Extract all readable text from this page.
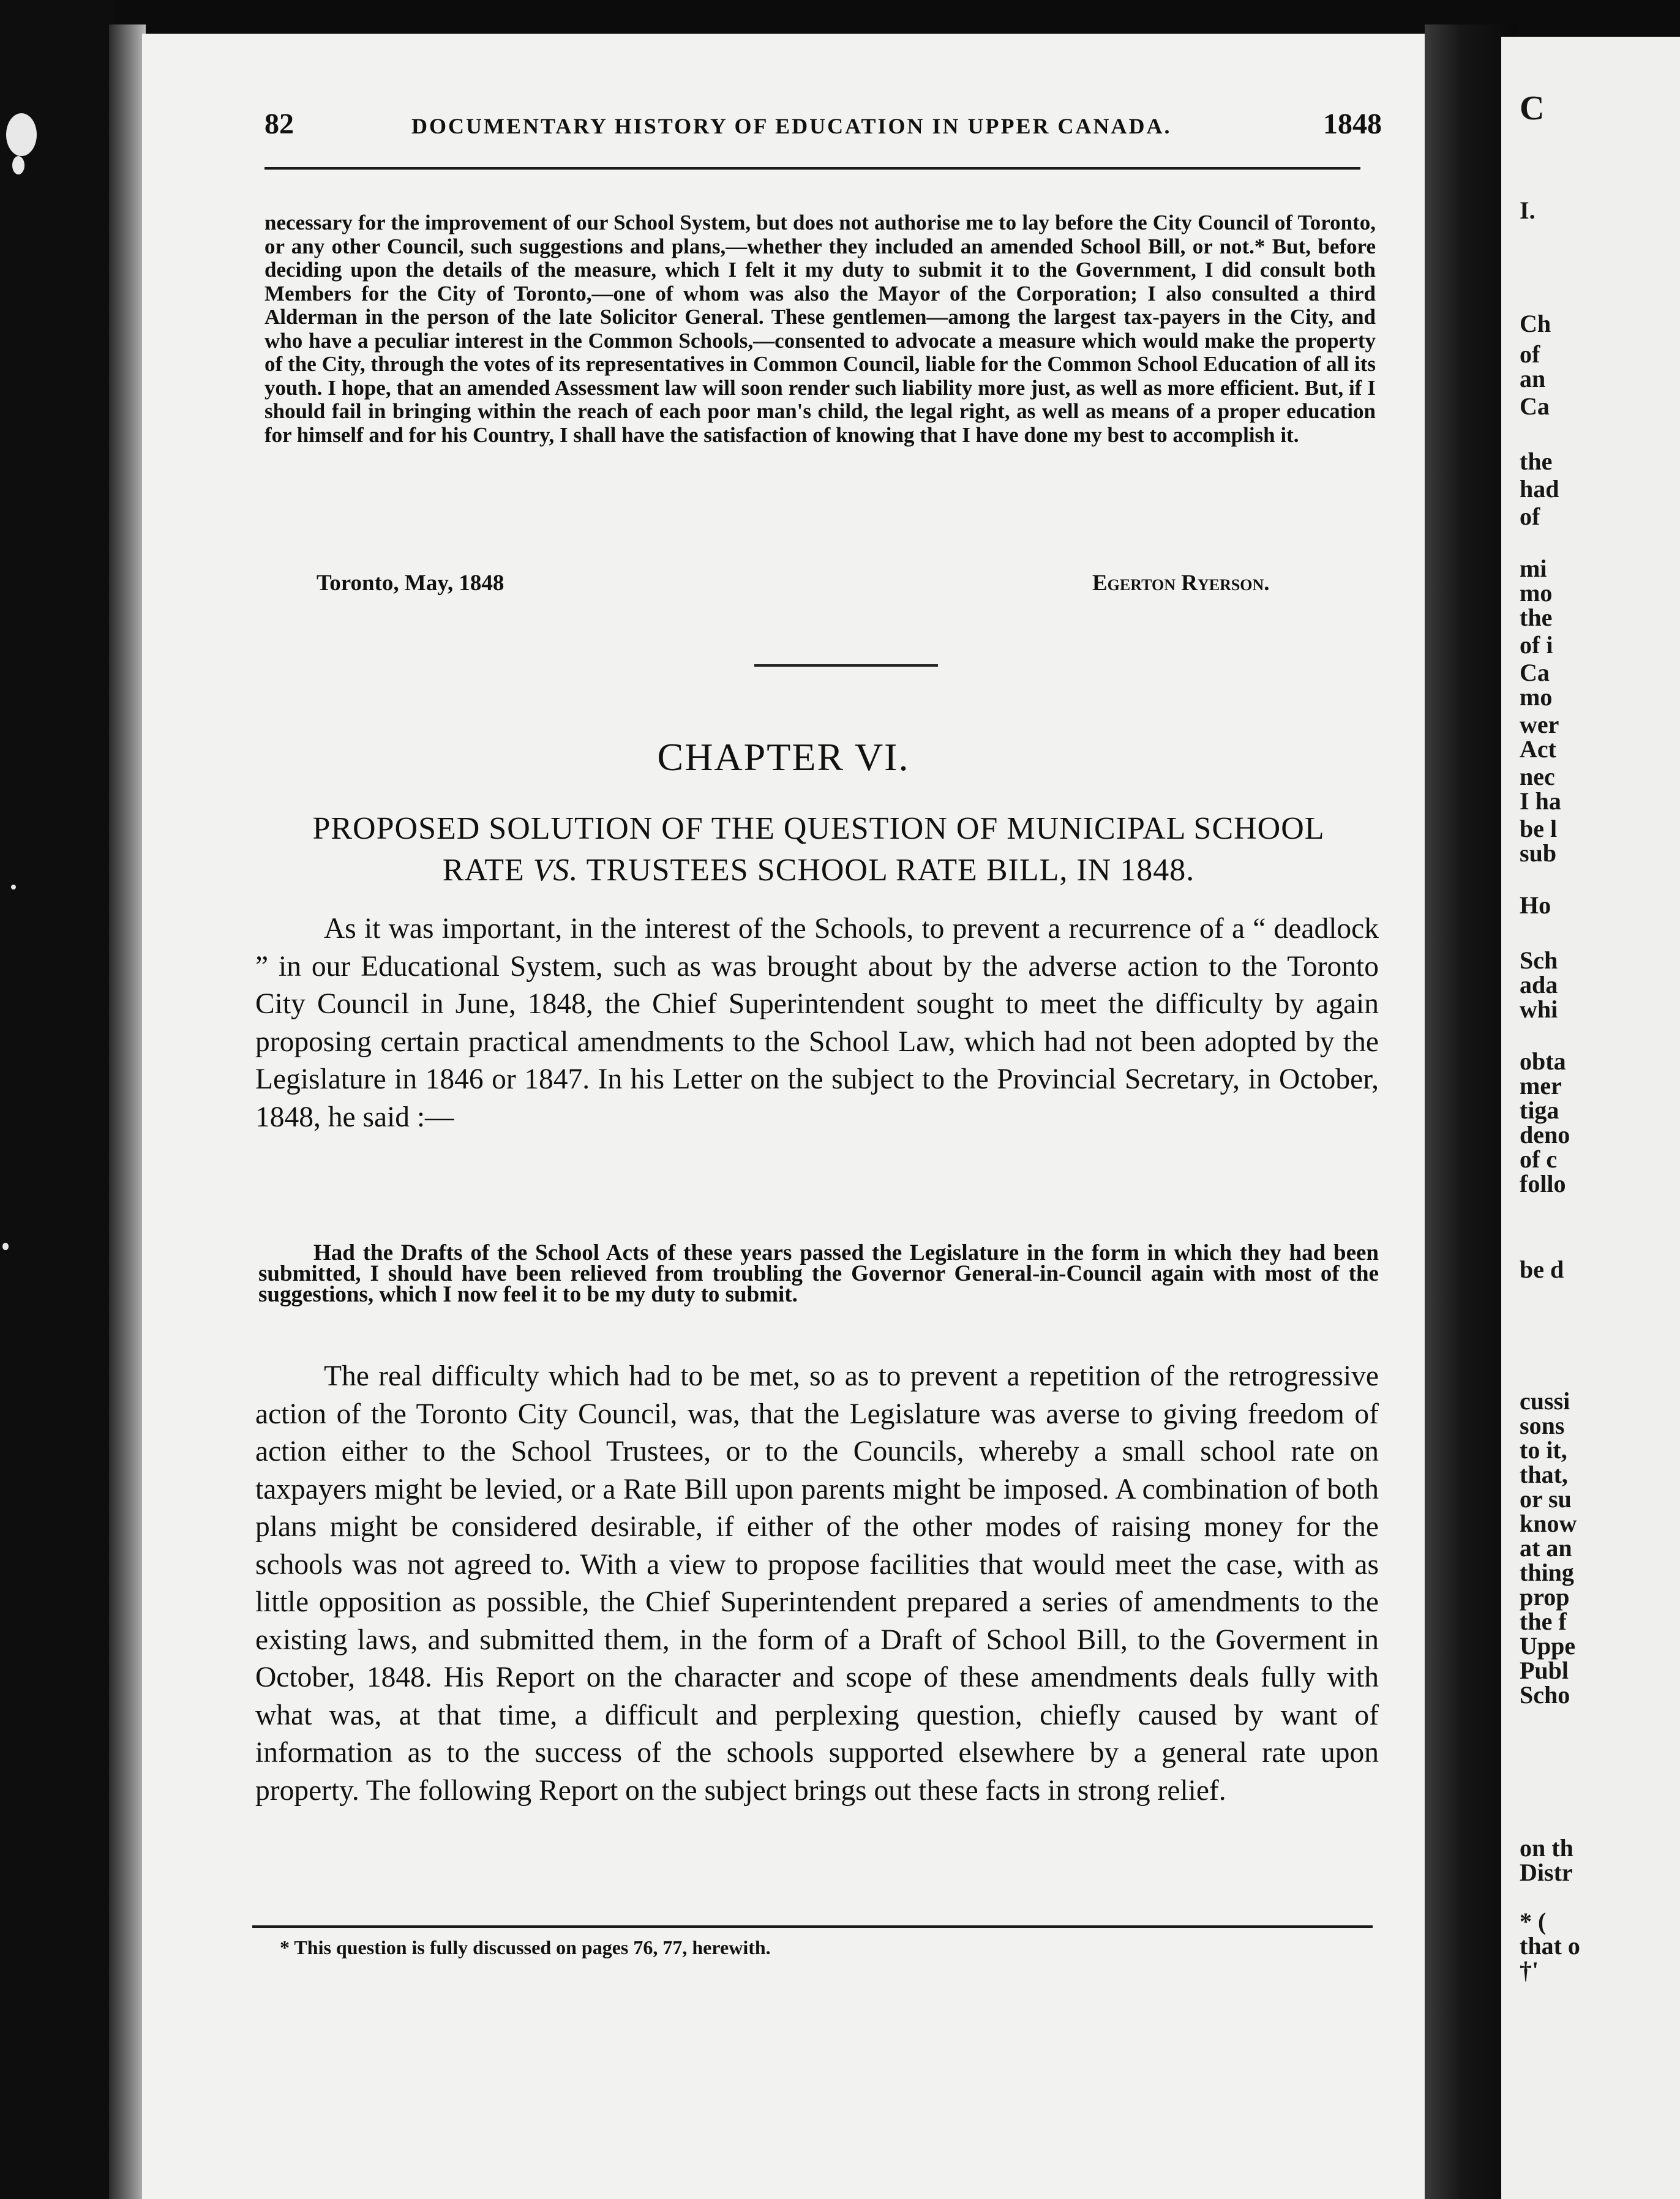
82	DOCUMENTARY HISTORY OF EDUCATION IN UPPER CANADA.	1848

necessary for the improvement of our School System, but does not authorise me to lay before the City Council of Toronto, or any other Council, such suggestions and plans,—whether they included an amended School Bill, or not.* But, before deciding upon the details of the measure, which I felt it my duty to submit it to the Government, I did consult both Members for the City of Toronto,—one of whom was also the Mayor of the Corporation; I also consulted a third Alderman in the person of the late Solicitor General. These gentlemen—among the largest tax-payers in the City, and who have a peculiar interest in the Common Schools,—consented to advocate a measure which would make the property of the City, through the votes of its representatives in Common Council, liable for the Common School Education of all its youth. I hope, that an amended Assessment law will soon render such liability more just, as well as more efficient. But, if I should fail in bringing within the reach of each poor man's child, the legal right, as well as means of a proper education for himself and for his Country, I shall have the satisfaction of knowing that I have done my best to accomplish it.

Toronto, May, 1848	Egerton Ryerson.
CHAPTER VI.

PROPOSED SOLUTION OF THE QUESTION OF MUNICIPAL SCHOOL
RATE VS. TRUSTEES SCHOOL RATE BILL, IN 1848.

As it was important, in the interest of the Schools, to prevent a recurrence of a “ deadlock ” in our Educational System, such as was brought about by the adverse action to the Toronto City Council in June, 1848, the Chief Superintendent sought to meet the difficulty by again proposing certain practical amendments to the School Law, which had not been adopted by the Legislature in 1846 or 1847. In his Letter on the subject to the Provincial Secretary, in October, 1848, he said :—

Had the Drafts of the School Acts of these years passed the Legislature in the form in which they had been submitted, I should have been relieved from troubling the Governor General-in-Council again with most of the suggestions, which I now feel it to be my duty to submit.

The real difficulty which had to be met, so as to prevent a repetition of the retrogressive action of the Toronto City Council, was, that the Legislature was averse to giving freedom of action either to the School Trustees, or to the Councils, whereby a small school rate on taxpayers might be levied, or a Rate Bill upon parents might be imposed. A combination of both plans might be considered desirable, if either of the other modes of raising money for the schools was not agreed to. With a view to propose facilities that would meet the case, with as little opposition as possible, the Chief Superintendent prepared a series of amendments to the existing laws, and submitted them, in the form of a Draft of School Bill, to the Goverment in October, 1848. His Report on the character and scope of these amendments deals fully with what was, at that time, a difficult and perplexing question, chiefly caused by want of information as to the success of the schools supported elsewhere by a general rate upon property. The following Report on the subject brings out these facts in strong relief.

* This question is fully discussed on pages 76, 77, herewith.

C
I.
Ch
of
an
Ca
the
had
of
mi
mo
the
of i
Ca
mo
wer
Act
nec
I ha
be l
sub
Ho
Sch
ada
whi
obta
mer
tiga
deno
of c
follo
be d
cussi
sons
to it,
that,
or su
know
at an
thing
prop
the f
Uppe
Publ
Scho
on th
Distr
* (
that o
†'
